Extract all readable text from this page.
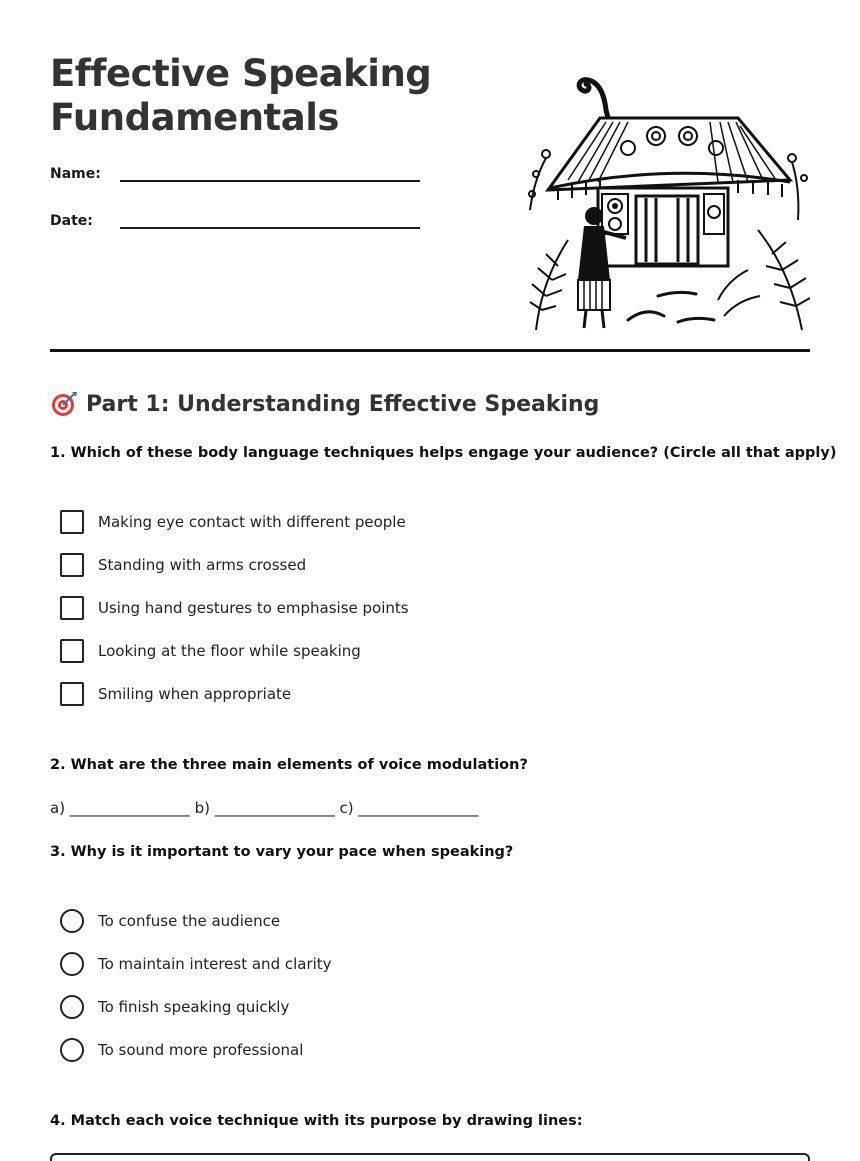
Effective Speaking
Fundamentals
Name:
Date:
Part 1: Understanding Effective Speaking
1. Which of these body language techniques helps engage your audience? (Circle all that apply)
Making eye contact with different people
Standing with arms crossed
Using hand gestures to emphasise points
Looking at the floor while speaking
Smiling when appropriate
2. What are the three main elements of voice modulation?
a) ________________ b) ________________ c) ________________
3. Why is it important to vary your pace when speaking?
To confuse the audience
To maintain interest and clarity
To finish speaking quickly
To sound more professional
4. Match each voice technique with its purpose by drawing lines:
